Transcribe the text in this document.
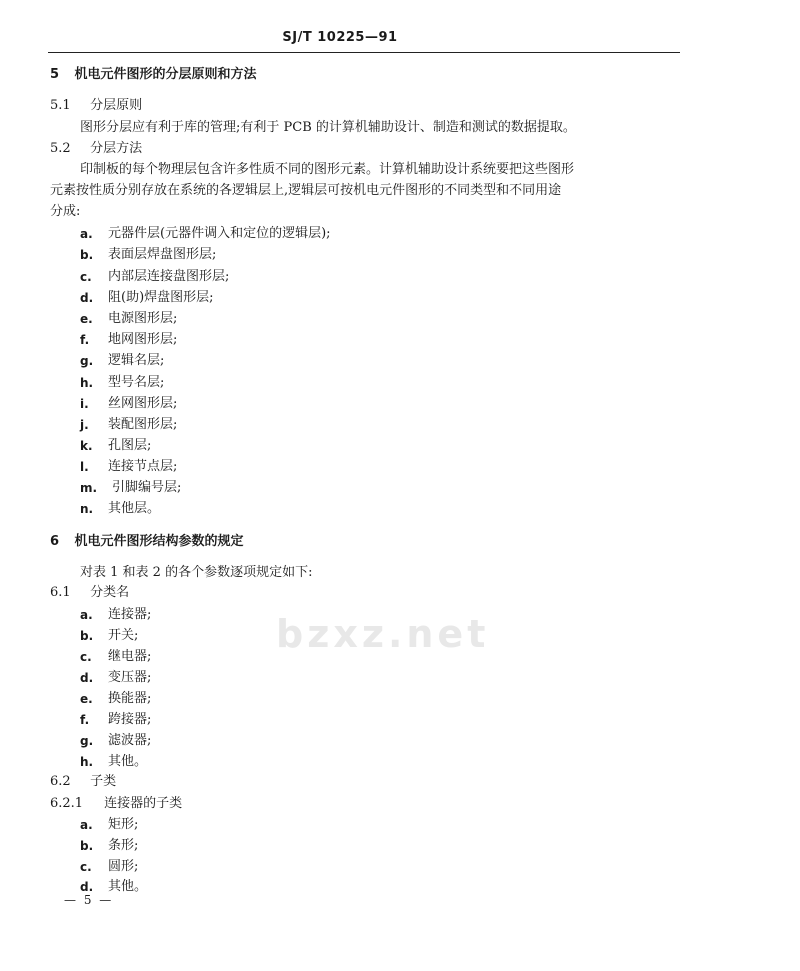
bzxz.net
SJ/T 10225—91
5 机电元件图形的分层原则和方法
5.1 分层原则
图形分层应有利于库的管理;有利于 PCB 的计算机辅助设计、制造和测试的数据提取。
5.2 分层方法
印制板的每个物理层包含许多性质不同的图形元素。计算机辅助设计系统要把这些图形
元素按性质分别存放在系统的各逻辑层上,逻辑层可按机电元件图形的不同类型和不同用途
分成:
a. 元器件层(元器件调入和定位的逻辑层);
b. 表面层焊盘图形层;
c. 内部层连接盘图形层;
d. 阻(助)焊盘图形层;
e. 电源图形层;
f. 地网图形层;
g. 逻辑名层;
h. 型号名层;
i. 丝网图形层;
j. 装配图形层;
k. 孔图层;
l. 连接节点层;
m. 引脚编号层;
n. 其他层。
6 机电元件图形结构参数的规定
对表 1 和表 2 的各个参数逐项规定如下:
6.1 分类名
a. 连接器;
b. 开关;
c. 继电器;
d. 变压器;
e. 换能器;
f. 跨接器;
g. 滤波器;
h. 其他。
6.2 子类
6.2.1 连接器的子类
a. 矩形;
b. 条形;
c. 圆形;
d. 其他。
— 5 —
